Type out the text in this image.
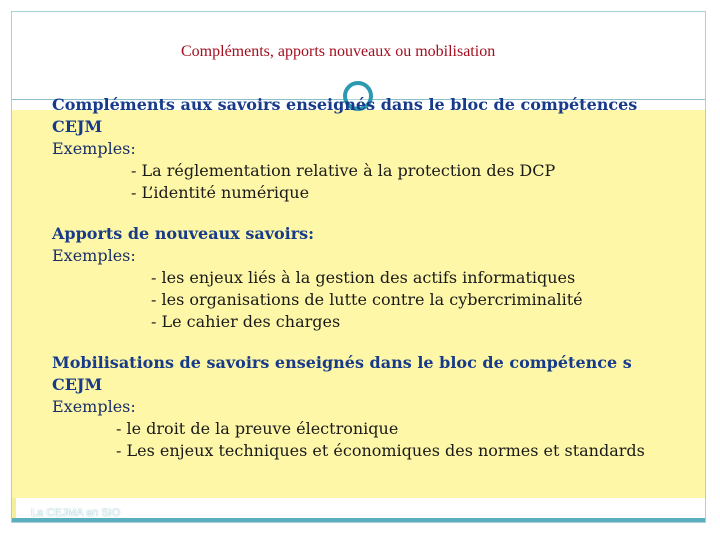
Compléments, apports nouveaux ou mobilisation
Compléments aux savoirs enseignés dans le bloc de compétences
CEJM
Exemples:
- La réglementation relative à la protection des DCP
- L’identité numérique
Apports de nouveaux savoirs:
Exemples:
- les enjeux liés à la gestion des actifs informatiques
- les organisations de lutte contre la cybercriminalité
- Le cahier des charges
Mobilisations de savoirs enseignés dans le bloc de compétence s
CEJM
Exemples:
- le droit de la preuve électronique
- Les enjeux techniques et économiques des normes et standards
La CEJMA en SIO
